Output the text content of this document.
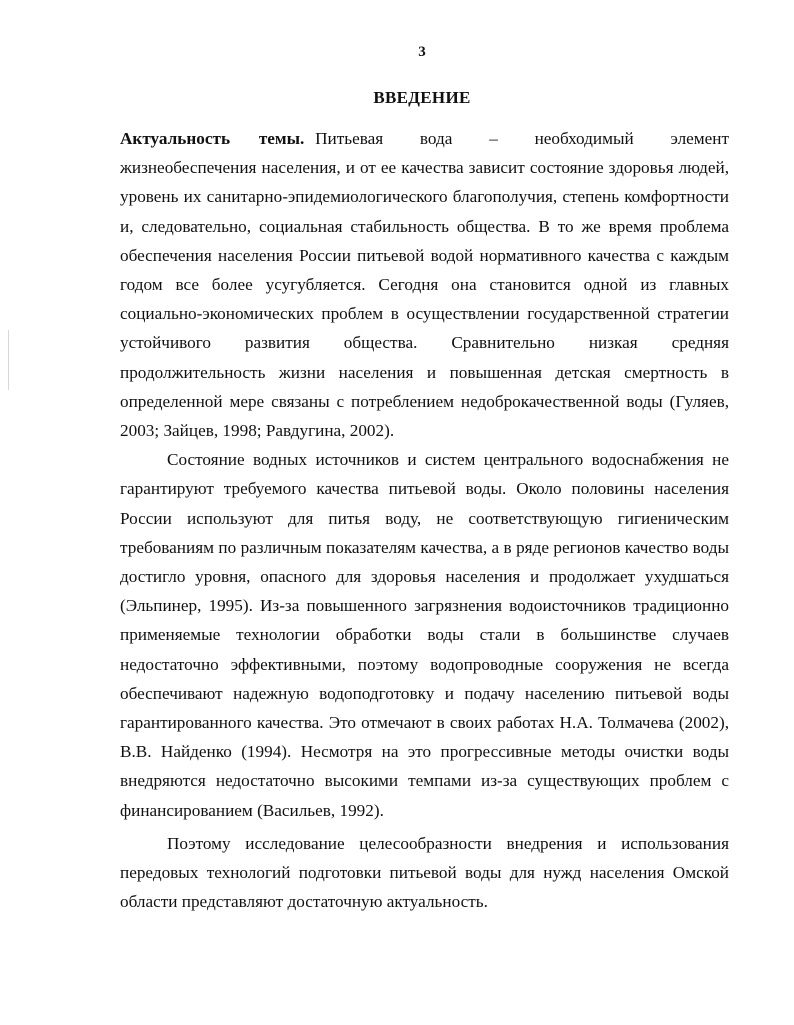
3
ВВЕДЕНИЕ

Актуальность темы. Питьевая вода – необходимый элемент

жизнеобеспечения населения, и от ее качества зависит состояние здоровья людей, уровень их санитарно-эпидемиологического благополучия, степень комфортности и, следовательно, социальная стабильность общества. В то же время проблема обеспечения населения России питьевой водой нормативного качества с каждым годом все более усугубляется. Сегодня она становится одной из главных социально-экономических проблем в осуществлении государственной стратегии устойчивого развития общества. Сравнительно низкая средняя продолжительность жизни населения и повышенная детская смертность в определенной мере связаны с потреблением недоброкачественной воды (Гуляев, 2003; Зайцев, 1998; Равдугина, 2002).

Состояние водных источников и систем центрального водоснабжения не гарантируют требуемого качества питьевой воды. Около половины населения России используют для питья воду, не соответствующую гигиеническим требованиям по различным показателям качества, а в ряде регионов качество воды достигло уровня, опасного для здоровья населения и продолжает ухудшаться (Эльпинер, 1995). Из-за повышенного загрязнения водоисточников традиционно применяемые технологии обработки воды стали в большинстве случаев недостаточно эффективными, поэтому водопроводные сооружения не всегда обеспечивают надежную водоподготовку и подачу населению питьевой воды гарантированного качества. Это отмечают в своих работах Н.А. Толмачева (2002), В.В. Найденко (1994). Несмотря на это прогрессивные методы очистки воды внедряются недостаточно высокими темпами из-за существующих проблем с финансированием (Васильев, 1992).

Поэтому исследование целесообразности внедрения и использования передовых технологий подготовки питьевой воды для нужд населения Омской области представляют достаточную актуальность.
